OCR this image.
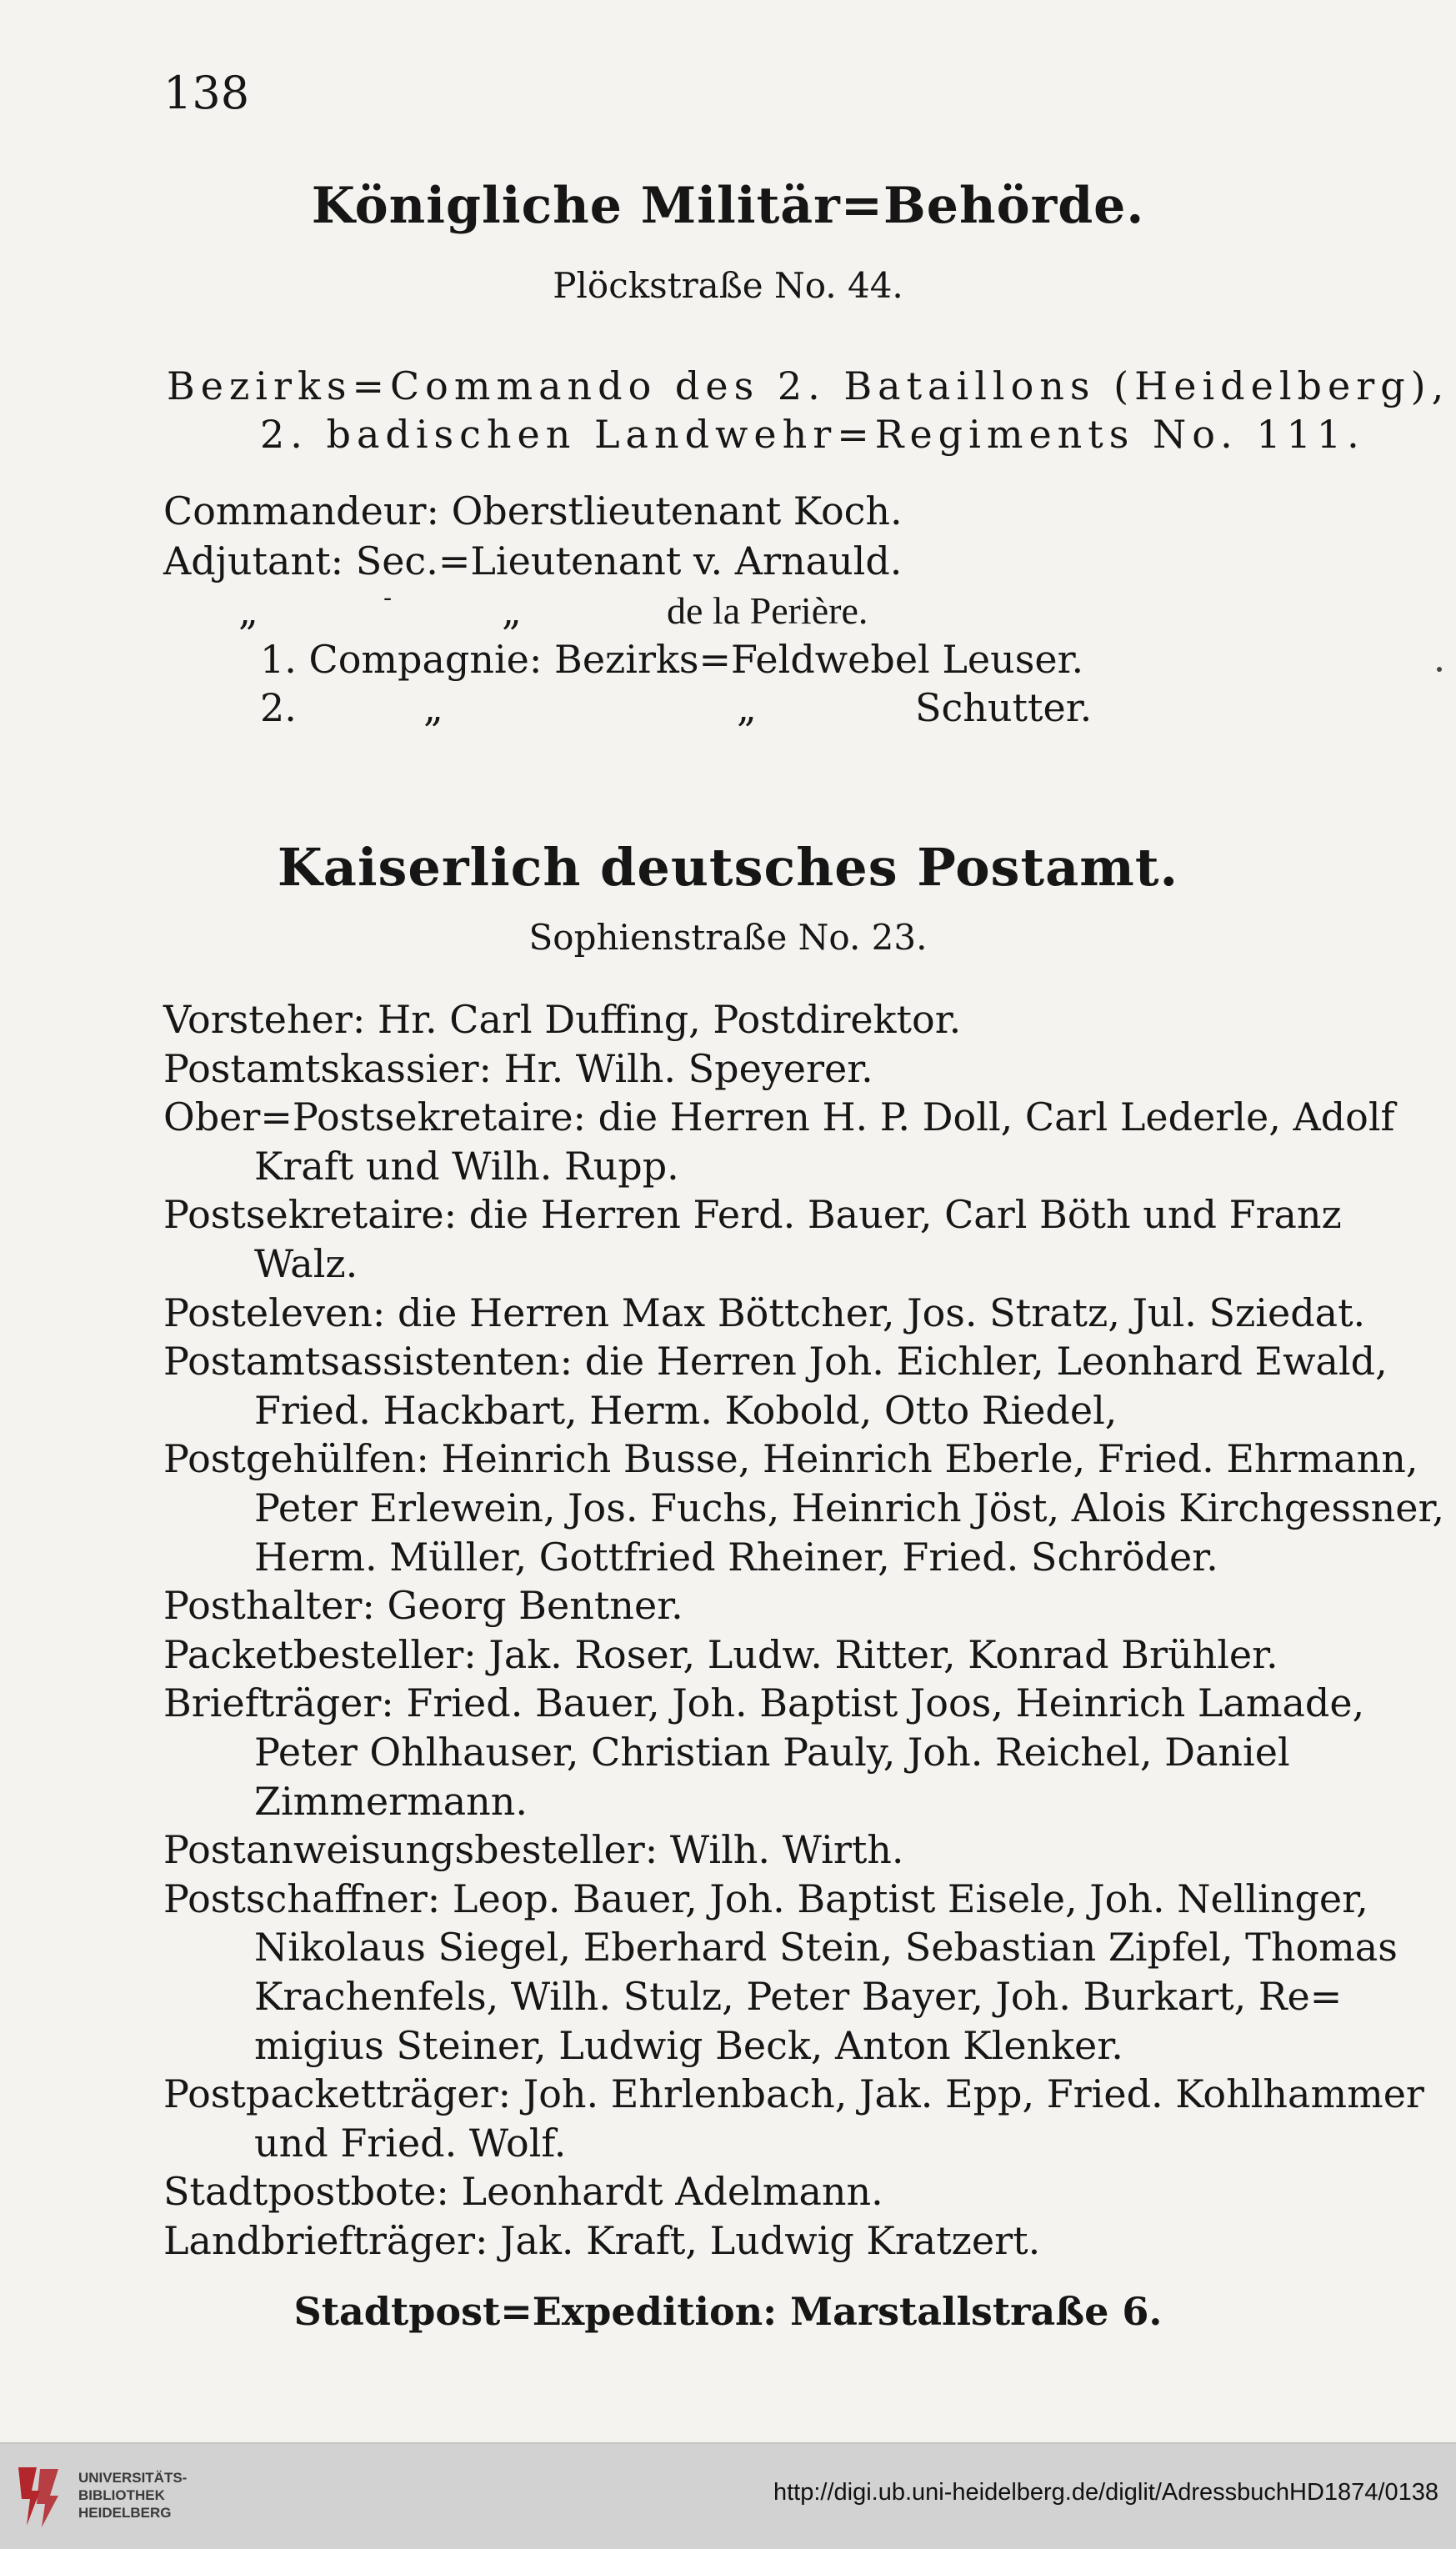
138
Königliche Militär=Behörde.
Plöckstraße No. 44.
Bezirks=Commando des 2. Bataillons (Heidelberg),
2. badischen Landwehr=Regiments No. 111.
Commandeur: Oberstlieutenant Koch.
Adjutant: Sec.=Lieutenant v. Arnauld.
„	-	„	de la Perière.
1. Compagnie: Bezirks=Feldwebel Leuser.
2.	„	„	Schutter.
Kaiserlich deutsches Postamt.
Sophienstraße No. 23.
Vorsteher: Hr. Carl Duffing, Postdirektor.
Postamtskassier: Hr. Wilh. Speyerer.
Ober=Postsekretaire: die Herren H. P. Doll, Carl Lederle, Adolf
Kraft und Wilh. Rupp.
Postsekretaire: die Herren Ferd. Bauer, Carl Böth und Franz
Walz.
Posteleven: die Herren Max Böttcher, Jos. Stratz, Jul. Sziedat.
Postamtsassistenten: die Herren Joh. Eichler, Leonhard Ewald,
Fried. Hackbart, Herm. Kobold, Otto Riedel,
Postgehülfen: Heinrich Busse, Heinrich Eberle, Fried. Ehrmann,
Peter Erlewein, Jos. Fuchs, Heinrich Jöst, Alois Kirchgessner,
Herm. Müller, Gottfried Rheiner, Fried. Schröder.
Posthalter: Georg Bentner.
Packetbesteller: Jak. Roser, Ludw. Ritter, Konrad Brühler.
Briefträger: Fried. Bauer, Joh. Baptist Joos, Heinrich Lamade,
Peter Ohlhauser, Christian Pauly, Joh. Reichel, Daniel
Zimmermann.
Postanweisungsbesteller: Wilh. Wirth.
Postschaffner: Leop. Bauer, Joh. Baptist Eisele, Joh. Nellinger,
Nikolaus Siegel, Eberhard Stein, Sebastian Zipfel, Thomas
Krachenfels, Wilh. Stulz, Peter Bayer, Joh. Burkart, Re=
migius Steiner, Ludwig Beck, Anton Klenker.
Postpacketträger: Joh. Ehrlenbach, Jak. Epp, Fried. Kohlhammer
und Fried. Wolf.
Stadtpostbote: Leonhardt Adelmann.
Landbriefträger: Jak. Kraft, Ludwig Kratzert.
Stadtpost=Expedition: Marstallstraße 6.
UNIVERSITÄTS-
BIBLIOTHEK
HEIDELBERG
http://digi.ub.uni-heidelberg.de/diglit/AdressbuchHD1874/0138
